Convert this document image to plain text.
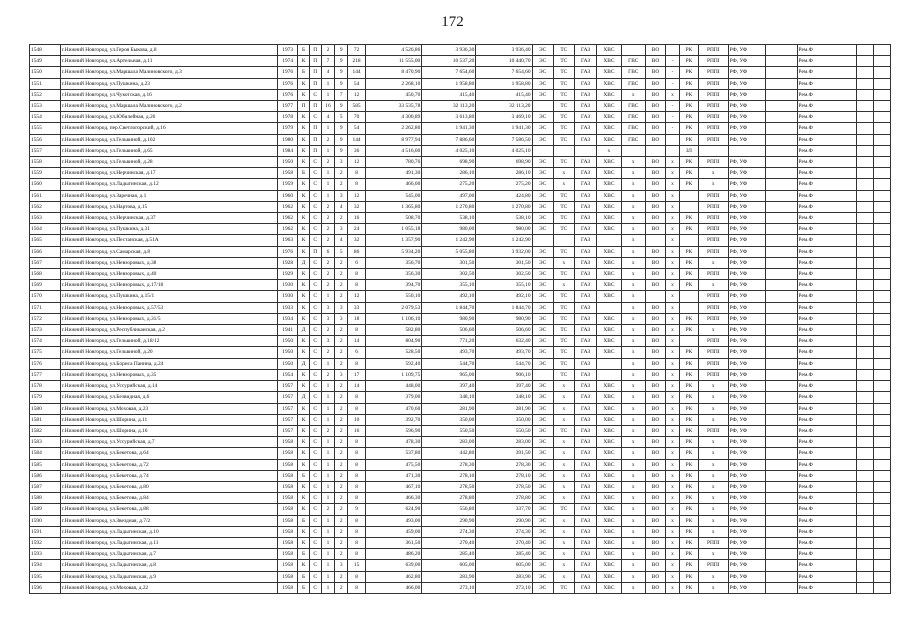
172
1548	г.Нижний Новгород, ул.Героя Быкова, д.8	1973	Б	П	2	9	72	4 526,86	3 936,30	3 936,40	ЭС	ТС	ГАЗ	ХВС		ВО		РК	РППI	РФ, УФ		Рем.Ф		
1549	г.Нижний Новгород, ул.Артельная, д.11	1974	К	П	7	9	218	11 555,00	10 537,20	10 440,70	ЭС	ТС	ГАЗ	ХВС	ГВС	ВО	-	РК	РППI	РФ, УФ		Рем.Ф		
1550	г.Нижний Новгород, ул.Маршала Малиновского, д.3	1976	Б	П	4	9	144	8 470,90	7 654,60	7 654,60	ЭС	ТС	ГАЗ	ХВС	ГВС	ВО	-	РК	РППI	РФ, УФ		Рем.Ф		
1551	г.Нижний Новгород, ул.Пушкина, д.23	1976	К	П	1	9	54	2 268,10	1 958,80	1 958,80	ЭС	ТС	ГАЗ	ХВС	ГВС	ВО	-	РК	РППI	РФ, УФ		Рем.Ф		
1552	г.Нижний Новгород, ул.Чукотская, д.16	1976	К	С	1	7	12	450,70	415,40	415,40	ЭС	ТС	ГАЗ	ХВС	х	ВО	х	РК	РППI	РФ, УФ		Рем.Ф		
1553	г.Нижний Новгород, ул.Маршала Малиновского, д.2	1977	П	П	16	9	585	33 535,78	32 113,20	32 113,20		ТС	ГАЗ	ХВС	ГВС	ВО	-	РК	РППI	РФ, УФ		Рем.Ф		
1554	г.Нижний Новгород, ул.Юбилейная, д.26	1978	К	С	4	5	70	4 300,89	3 613,80	3 469,10	ЭС	ТС	ГАЗ	ХВС	ГВС	ВО	-	РК	РППI	РФ, УФ		Рем.Ф		
1555	г.Нижний Новгород, пер.Светлогорский, д.16	1979	К	П	1	9	54	2 262,80	1 941,30	1 941,30	ЭС	ТС	ГАЗ	ХВС	ГВС	ВО	-	РК	РППI	РФ, УФ		Рем.Ф		
1556	г.Нижний Новгород, ул.Гельвиной, д.102	1980	К	П	2	9	144	8 977,94	7 886,60	7 586,50	ЭС	ТС	ГАЗ	ХВС	ГВС	ВО		РК	РППI	РФ, УФ		Рем.Ф		
1557	г.Нижний Новгород, ул.Гельвиной, д.65	1984	К	П	1	9	36	4 516,00	4 025,10	4 025,10				х				ЗЛ				Рем.Ф		
1558	г.Нижний Новгород, ул.Гельвиной, д.28	1950	К	С	2	3	12	780,76	698,90	698,90	ЭС	ТС	ГАЗ	ХВС	х	ВО	х	РК	РППI	РФ, УФ		Рем.Ф		
1559	г.Нижний Новгород, ул.Нерчинская, д.17	1958	Б	С	1	2	8	491,30	286,10	286,10	ЭС	х	ГАЗ	ХВС	х	ВО	х	РК	х	РФ, УФ		Рем.Ф		
1560	г.Нижний Новгород, ул.Ладыгинская, д.12	1959	К	С	1	2	8	466,00	275,20	275,20	ЭС	х	ГАЗ	ХВС	х	ВО	х	РК	х	РФ, УФ		Рем.Ф		
1561	г.Нижний Новгород, ул.Заречная, д.1	1960	К	С	1	3	12	545,00	497,00	424,80	ЭС	ТС	ГАЗ	ХВС	х	ВО	х		РППI	РФ, УФ		Рем.Ф		
1562	г.Нижний Новгород, ул.Нартова, д.15	1962	К	С	2	4	32	1 365,80	1 270,80	1 270,80	ЭС	ТС	ГАЗ	ХВС	х	ВО	х		РППI	РФ, УФ		Рем.Ф		
1563	г.Нижний Новгород, ул.Нерчинская, д.37	1962	К	С	2	2	16	508,70	538,10	538,10	ЭС	ТС	ГАЗ	ХВС	х	ВО	х	РК	РППI	РФ, УФ		Рем.Ф		
1564	г.Нижний Новгород, ул.Пушкина, д.31	1962	К	С	2	3	24	1 055,18	980,00	980,00	ЭС	ТС	ГАЗ	ХВС	х	ВО	х	РК	РППI	РФ, УФ		Рем.Ф		
1565	г.Нижний Новгород, ул.Пестанская, д.51А	1963	К	С	2	4	32	1 357,90	1 242,90	1 242,90			ГАЗ		х		х		РППI	РФ, УФ		Рем.Ф		
1566	г.Нижний Новгород, ул.Самарская, д.8	1976	К	П	6	5	86	5 934,20	5 055,80	3 932,00	ЭС	ТС	ГАЗ	ХВС	х	ВО	х	РК	РППI	РФ, УФ		Рем.Ф		
1567	г.Нижний Новгород, ул.Невзоровых, д.38	1928	Д	С	2	2	6	356,70	301,50	301,50	ЭС	х	ГАЗ	ХВС	х	ВО	х	РК	х	РФ, УФ		Рем.Ф		
1568	г.Нижний Новгород, ул.Невзоровых, д.40	1929	К	С	2	2	8	356,30	302,50	302,50	ЭС	ТС	ГАЗ	ХВС	х	ВО	х	РК	РППI	РФ, УФ		Рем.Ф		
1569	г.Нижний Новгород, ул.Невзоровых, д.17/18	1930	К	С	2	2	8	394,70	355,10	355,10	ЭС	х	ГАЗ	ХВС	х	ВО	х	РК	х	РФ, УФ		Рем.Ф		
1570	г.Нижний Новгород, ул.Пушкина, д.15/1	1930	К	С	1	2	12	550,10	492,10	492,10	ЭС	ТС	ГАЗ	ХВС	х		х		РППI	РФ, УФ		Рем.Ф		
1571	г.Нижний Новгород, ул.Невзоровых, д.57/53	1933	К	С	3	3	33	2 079,53	1 844,70	1 844,70	ЭС	ТС	ГАЗ		х	ВО	х		РППI	РФ, УФ		Рем.Ф		
1572	г.Нижний Новгород, ул.Невзоровых, д.31/5	1934	К	С	3	3	18	1 106,10	980,90	980,90	ЭС	ТС	ГАЗ	ХВС	х	ВО	х	РК	РППI	РФ, УФ		Рем.Ф		
1573	г.Нижний Новгород, ул.Республиканская, д.2	1941	Д	С	2	2	8	582,80	506,60	506,60	ЭС	ТС	ГАЗ	ХВС	х	ВО	х	РК	х	РФ, УФ		Рем.Ф		
1574	г.Нижний Новгород, ул.Гельвиной, д.18/12	1950	К	С	3	2	14	804,90	771,20	632,40	ЭС	ТС	ГАЗ	ХВС	х	ВО	х		РППI	РФ, УФ		Рем.Ф		
1575	г.Нижний Новгород, ул.Гельвиной, д.20	1950	К	С	2	2	6	528,50	493,70	493,70	ЭС	ТС	ГАЗ	ХВС	х	ВО	х	РК	РППI	РФ, УФ		Рем.Ф		
1576	г.Нижний Новгород, ул.Бориса Панина, д.24	1950	Д	С	1	2	8	592,40	544,70	544,70	ЭС	ТС	ГАЗ		х	ВО	х	РК	РППI	РФ, УФ		Рем.Ф		
1577	г.Нижний Новгород, ул.Невзоровых, д.35	1954	К	С	2	3	17	1 109,75	965,00	906,10		ТС	ГАЗ		х	ВО	х	РК	РППI	РФ, УФ		Рем.Ф		
1578	г.Нижний Новгород, ул.Уссурийская, д.14	1957	К	С	1	2	14	448,00	397,40	397,40	ЭС	х	ГАЗ	ХВС	х	ВО	х	РК	х	РФ, УФ		Рем.Ф		
1579	г.Нижний Новгород, ул.Безвидная, д.6	1957	Д	С	1	2	8	379,00	348,10	348,10	ЭС	х	ГАЗ	ХВС	х	ВО	х	РК	х	РФ, УФ		Рем.Ф		
1580	г.Нижний Новгород, ул.Моховая, д.23	1957	К	С	1	2	8	470,60	281,90	281,90	ЭС	х	ГАЗ	ХВС	х	ВО	х	РК	х	РФ, УФ		Рем.Ф		
1581	г.Нижний Новгород, ул.Шорина, д.11	1957	К	С	1	2	10	392,70	350,00	350,00	ЭС	х	ГАЗ	ХВС	х	ВО	х	РК	х	РФ, УФ		Рем.Ф		
1582	г.Нижний Новгород, ул.Шорина, д.16	1957	К	С	2	2	16	596,90	550,50	550,50	ЭС	ТС	ГАЗ	ХВС	х	ВО	х	РК	РППI	РФ, УФ		Рем.Ф		
1583	г.Нижний Новгород, ул.Уссурийская, д.7	1958	К	С	1	2	8	478,30	283,00	283,00	ЭС	х	ГАЗ	ХВС	х	ВО	х	РК	х	РФ, УФ		Рем.Ф		
1584	г.Нижний Новгород, ул.Бекетова, д.64	1958	К	С	1	2	8	537,80	442,80	391,50	ЭС	х	ГАЗ	ХВС	х	ВО	х	РК	х	РФ, УФ		Рем.Ф		
1585	г.Нижний Новгород, ул.Бекетова, д.72	1958	К	С	1	2	8	475,50	278,30	278,30	ЭС	х	ГАЗ	ХВС	х	ВО	х	РК	х	РФ, УФ		Рем.Ф		
1586	г.Нижний Новгород, ул.Бекетова, д.74	1958	Б	С	1	2	8	471,30	278,10	278,10	ЭС	х	ГАЗ	ХВС	х	ВО	х	РК	х	РФ, УФ		Рем.Ф		
1587	г.Нижний Новгород, ул.Бекетова, д.80	1958	К	С	1	2	8	467,10	278,50	278,50	ЭС	х	ГАЗ	ХВС	х	ВО	х	РК	х	РФ, УФ		Рем.Ф		
1588	г.Нижний Новгород, ул.Бекетова, д.84	1958	К	С	1	2	8	466,30	278,80	278,80	ЭС	х	ГАЗ	ХВС	х	ВО	х	РК	х	РФ, УФ		Рем.Ф		
1589	г.Нижний Новгород, ул.Бекетова, д.88	1958	К	С	2	2	9	624,90	556,80	337,70	ЭС	ТС	ГАЗ	ХВС	х	ВО	х	РК	х	РФ, УФ		Рем.Ф		
1590	г.Нижний Новгород, ул.Звездная, д.7/2	1958	Б	С	1	2	8	493,00	290,90	290,90	ЭС	х	ГАЗ	ХВС	х	ВО	х	РК	х	РФ, УФ		Рем.Ф		
1591	г.Нижний Новгород, ул.Ладыгинская, д.10	1958	К	С	1	2	8	459,00	274,30	274,30	ЭС	х	ГАЗ	ХВС	х	ВО	х	РК	х	РФ, УФ		Рем.Ф		
1592	г.Нижний Новгород, ул.Ладыгинская, д.11	1958	К	С	1	2	8	361,50	270,40	270,40	ЭС	х	ГАЗ	ХВС	х	ВО	х	РК	РППI	РФ, УФ		Рем.Ф		
1593	г.Нижний Новгород, ул.Ладыгинская, д.7	1958	Б	С	1	2	8	486,20	285,40	285,40	ЭС	х	ГАЗ	ХВС	х	ВО	х	РК	х	РФ, УФ		Рем.Ф		
1594	г.Нижний Новгород, ул.Ладыгинская, д.8	1958	К	С	1	3	15	639,00	605,00	605,00	ЭС	х	ГАЗ	ХВС	х	ВО	х	РК	РППI	РФ, УФ		Рем.Ф		
1595	г.Нижний Новгород, ул.Ладыгинская, д.9	1958	Б	С	1	2	8	462,80	283,90	283,90	ЭС	х	ГАЗ	ХВС	х	ВО	х	РК	х	РФ, УФ		Рем.Ф		
1596	г.Нижний Новгород, ул.Моховая, д.22	1958	Б	С	1	2	8	466,00	273,10	273,10	ЭС	ТС	ГАЗ	ХВС	х	ВО	х	РК	х	РФ, УФ		Рем.Ф		
